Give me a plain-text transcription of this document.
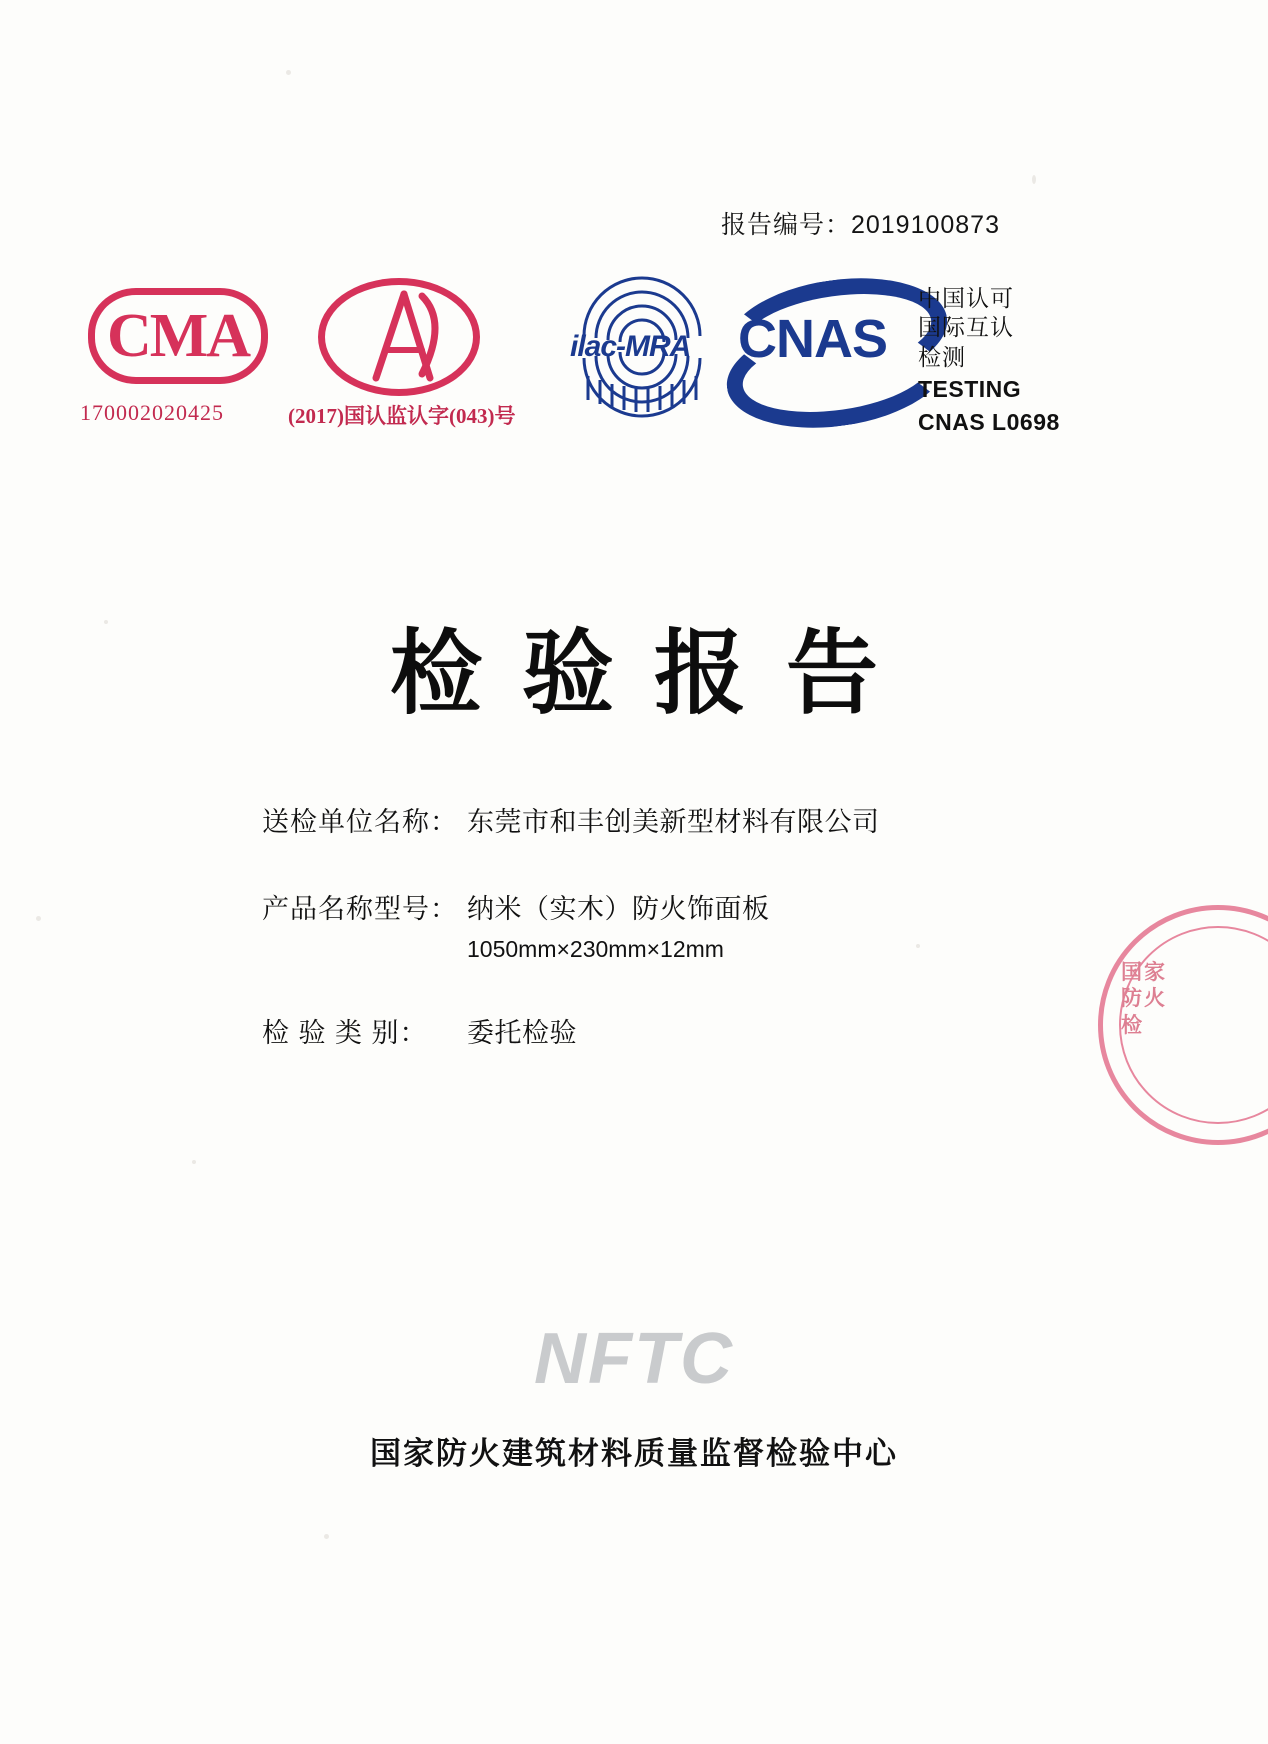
报告编号：2019100873
CMA
170002020425	(2017)国认监认字(043)号
ilac-MRA CNAS
中国认可
国际互认
检测
TESTING
CNAS L0698
检验报告
送检单位名称： 东莞市和丰创美新型材料有限公司
产品名称型号： 纳米（实木）防火饰面板
1050mm×230mm×12mm
检 验 类 别：	委托检验
国家防火 检
NFTC
国家防火建筑材料质量监督检验中心
